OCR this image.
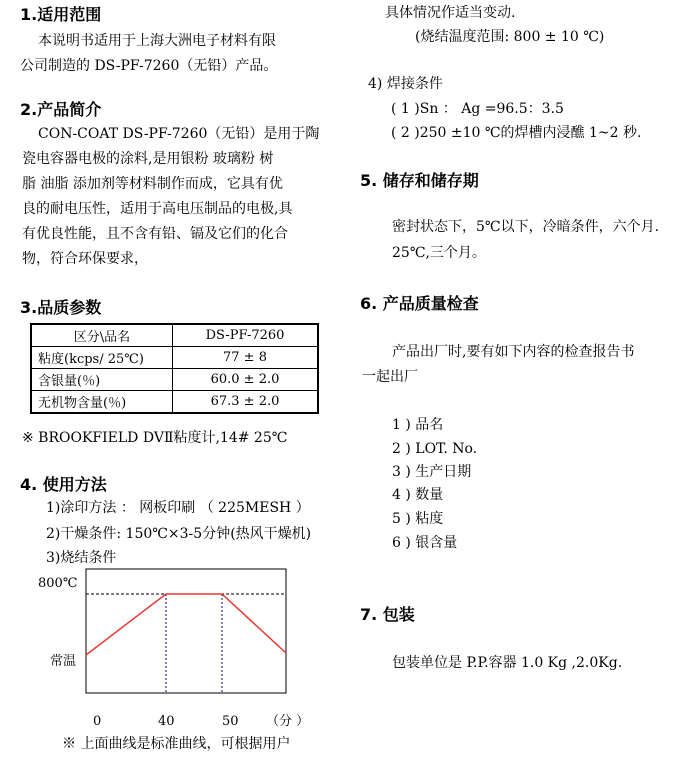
1.适用范围
本说明书适用于上海大洲电子材料有限
公司制造的 DS-PF-7260（无铅）产品。
2.产品简介
CON-COAT DS-PF-7260（无铅）是用于陶
瓷电容器电极的涂料,是用银粉 玻璃粉 树
脂 油脂 添加剂等材料制作而成，它具有优
良的耐电压性，适用于高电压制品的电极,具
有优良性能，且不含有铅、镉及它们的化合
物，符合环保要求，
3.品质参数
区分\品名	DS-PF-7260
粘度(kcps/ 25℃)	77 ± 8
含银量(％)	60.0 ± 2.0
无机物含量(％)	67.3 ± 2.0
※ BROOKFIELD DVⅡ粘度计,14# 25℃
4. 使用方法
1)涂印方法 ： 网板印刷 （ 225MESH ）
2)干燥条件: 150℃×3-5分钟(热风干燥机)
3)烧结条件
800℃
常温
0	40	50 （分 ）
※ 上面曲线是标准曲线，可根据用户
具体情况作适当变动.
(烧结温度范围: 800 ± 10 ℃)
4) 焊接条件
( 1 )Sn ： Ag =96.5：3.5
( 2 )250 ±10 ℃的焊槽内浸醮 1~2 秒.
5. 储存和储存期
密封状态下，5℃以下，冷暗条件，六个月.
25℃,三个月。
6. 产品质量检查
产品出厂时,要有如下内容的检查报告书
一起出厂
1 ) 品名
2 ) LOT. No.
3 ) 生产日期
4 ) 数量
5 ) 粘度
6 ) 银含量
7. 包装
包装单位是 P.P.容器 1.0 Kg ,2.0Kg.
